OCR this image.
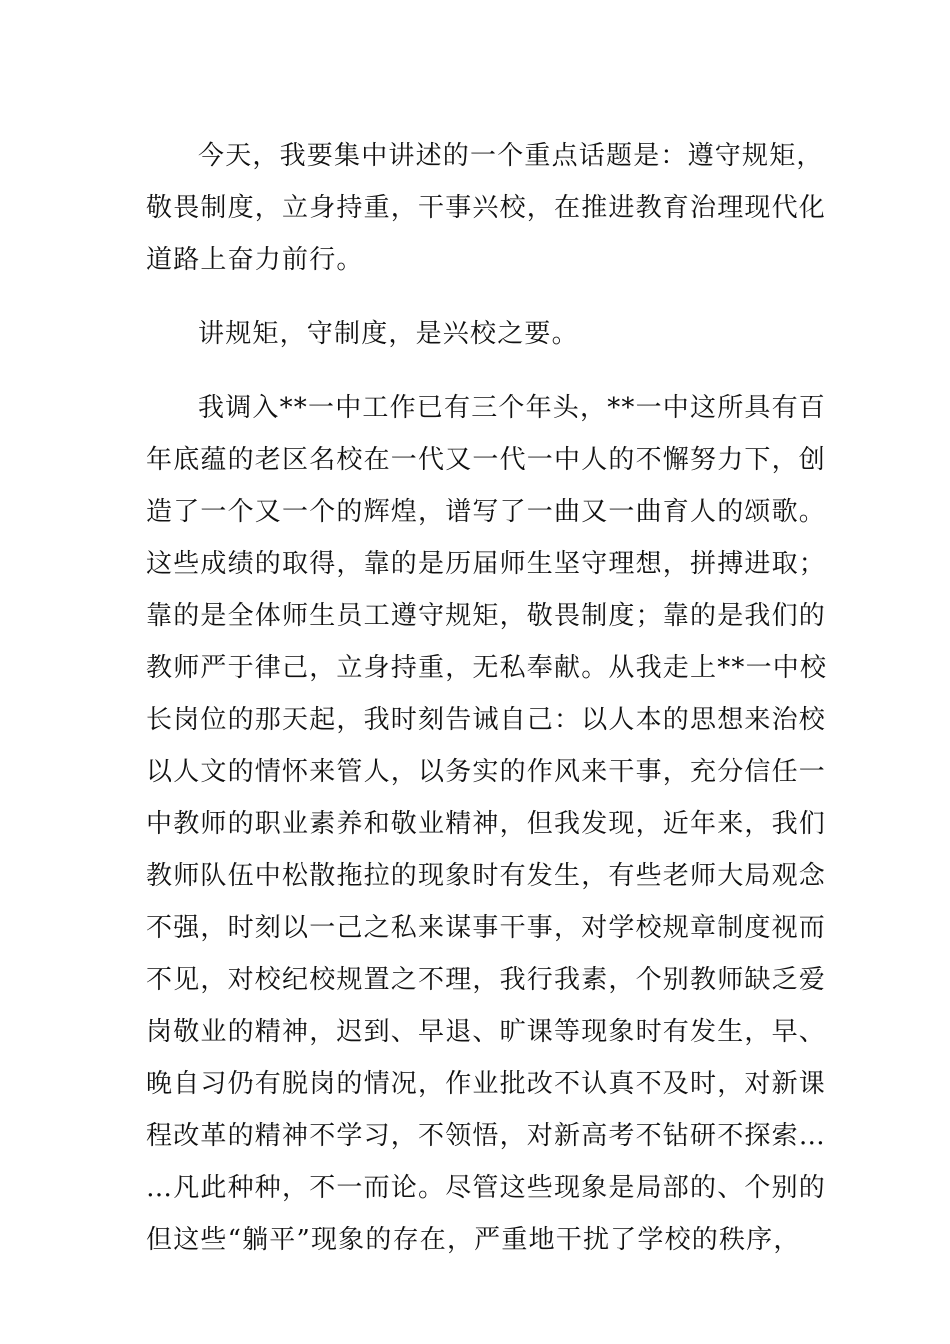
今天，我要集中讲述的一个重点话题是：遵守规矩，
敬畏制度，立身持重，干事兴校，在推进教育治理现代化
道路上奋力前行。
讲规矩，守制度，是兴校之要。
我调入**一中工作已有三个年头，**一中这所具有百
年底蕴的老区名校在一代又一代一中人的不懈努力下，创
造了一个又一个的辉煌，谱写了一曲又一曲育人的颂歌。
这些成绩的取得，靠的是历届师生坚守理想，拼搏进取；
靠的是全体师生员工遵守规矩，敬畏制度；靠的是我们的
教师严于律己，立身持重，无私奉献。从我走上**一中校
长岗位的那天起，我时刻告诫自己：以人本的思想来治校
以人文的情怀来管人，以务实的作风来干事，充分信任一
中教师的职业素养和敬业精神，但我发现，近年来，我们
教师队伍中松散拖拉的现象时有发生，有些老师大局观念
不强，时刻以一己之私来谋事干事，对学校规章制度视而
不见，对校纪校规置之不理，我行我素，个别教师缺乏爱
岗敬业的精神，迟到、早退、旷课等现象时有发生，早、
晚自习仍有脱岗的情况，作业批改不认真不及时，对新课
程改革的精神不学习，不领悟，对新高考不钻研不探索…
…凡此种种，不一而论。尽管这些现象是局部的、个别的
但这些“躺平”现象的存在，严重地干扰了学校的秩序，
